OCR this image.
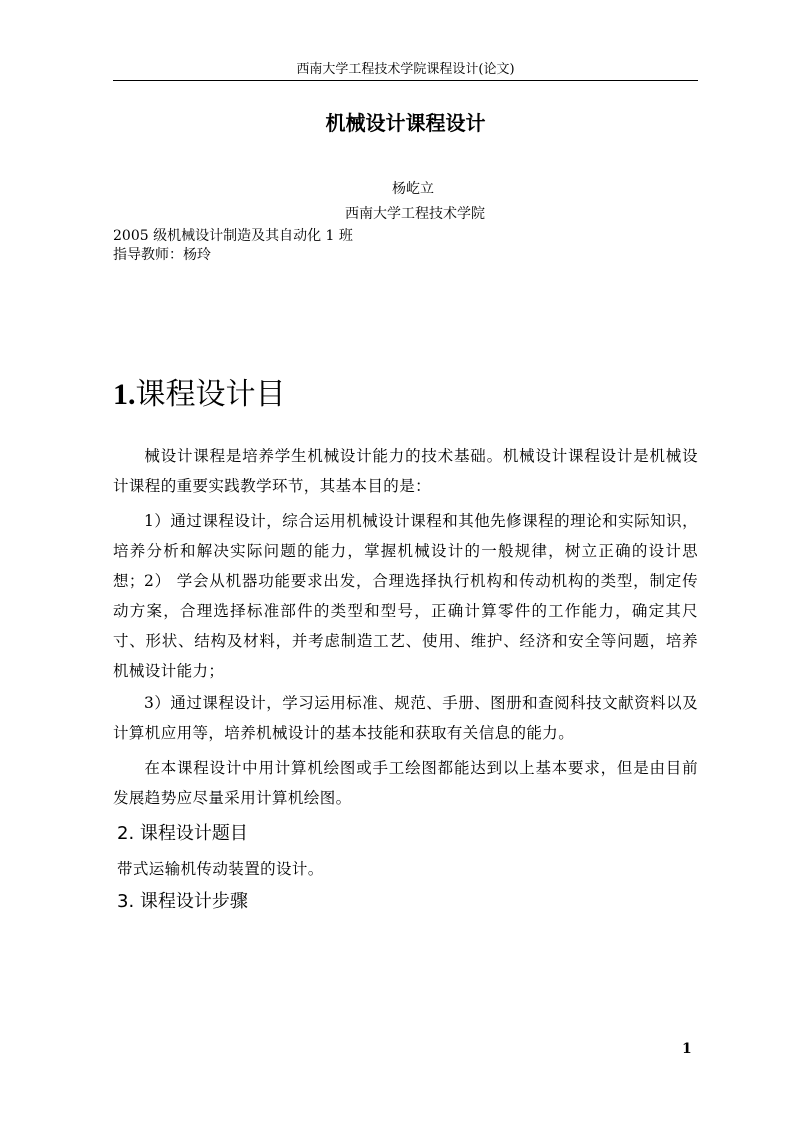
西南大学工程技术学院课程设计(论文)
机械设计课程设计
杨屹立
西南大学工程技术学院
2005 级机械设计制造及其自动化 1 班
指导教师：杨玲
1.课程设计目
械设计课程是培养学生机械设计能力的技术基础。机械设计课程设计是机械设计课程的重要实践教学环节，其基本目的是：
1）通过课程设计，综合运用机械设计课程和其他先修课程的理论和实际知识，培养分析和解决实际问题的能力，掌握机械设计的一般规律，树立正确的设计思想； 2） 学会从机器功能要求出发，合理选择执行机构和传动机构的类型，制定传动方案，合理选择标准部件的类型和型号，正确计算零件的工作能力，确定其尺寸、形状、结构及材料，并考虑制造工艺、使用、维护、经济和安全等问题，培养机械设计能力；
3）通过课程设计，学习运用标准、规范、手册、图册和查阅科技文献资料以及计算机应用等，培养机械设计的基本技能和获取有关信息的能力。
在本课程设计中用计算机绘图或手工绘图都能达到以上基本要求，但是由目前发展趋势应尽量采用计算机绘图。
2. 课程设计题目
带式运输机传动装置的设计。
3. 课程设计步骤
1
